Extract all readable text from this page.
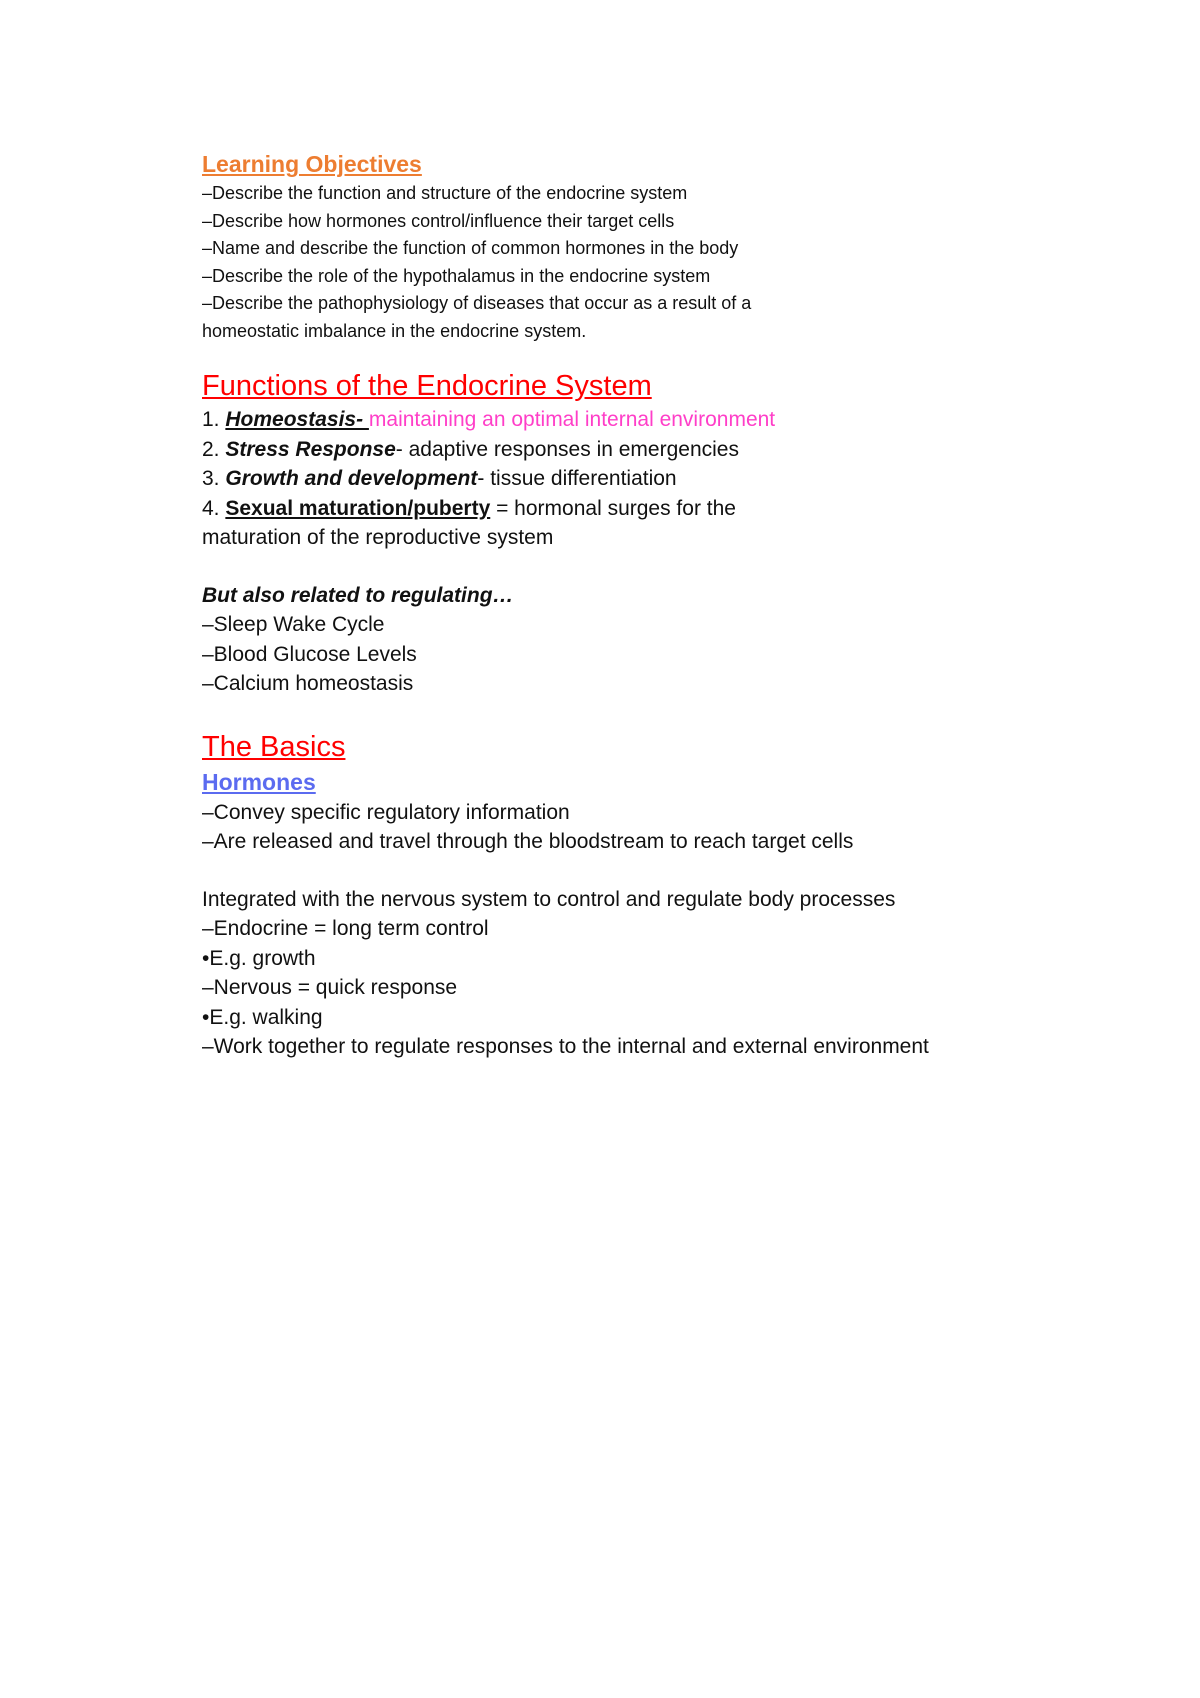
Learning Objectives
–Describe the function and structure of the endocrine system
–Describe how hormones control/influence their target cells
–Name and describe the function of common hormones in the body
–Describe the role of the hypothalamus in the endocrine system
–Describe the pathophysiology of diseases that occur as a result of a
homeostatic imbalance in the endocrine system.
Functions of the Endocrine System
1. Homeostasis- maintaining an optimal internal environment
2. Stress Response- adaptive responses in emergencies
3. Growth and development- tissue differentiation
4. Sexual maturation/puberty = hormonal surges for the
maturation of the reproductive system
But also related to regulating…
–Sleep Wake Cycle
–Blood Glucose Levels
–Calcium homeostasis
The Basics
Hormones
–Convey specific regulatory information
–Are released and travel through the bloodstream to reach target cells
Integrated with the nervous system to control and regulate body processes
–Endocrine = long term control
•E.g. growth
–Nervous = quick response
•E.g. walking
–Work together to regulate responses to the internal and external environment
